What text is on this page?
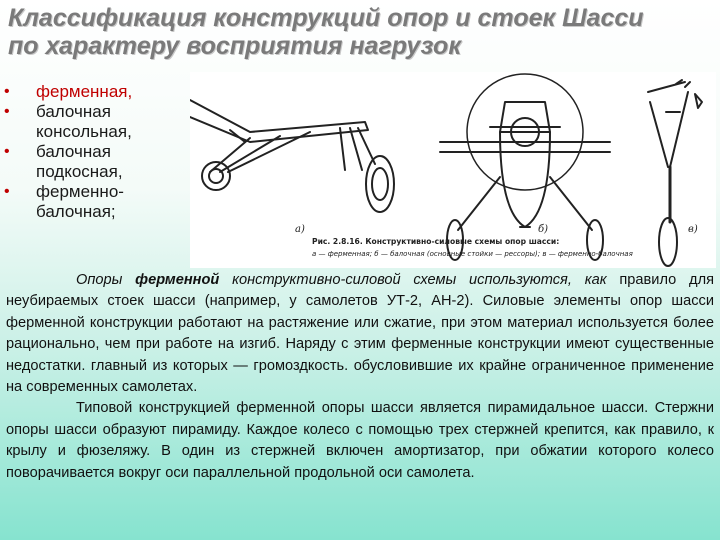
Классификация конструкций опор и стоек Шасси
по характеру восприятия нагрузок
• ферменная,
• балочная консольная,
• балочная подкосная,
• ферменно-балочная;
а)	б)	в)
Рис. 2.8.16. Конструктивно-силовые схемы опор шасси:
а — ферменная; б — балочная (основные стойки — рессоры); в — ферменно-балочная

Опоры ферменной конструктивно-силовой схемы используются, как правило для неубираемых стоек шасси (например, у самолетов УТ-2, АН-2). Силовые элементы опор шасси ферменной конструкции работают на растяжение или сжатие, при этом материал используется более рационально, чем при работе на изгиб. Наряду с этим ферменные конструкции имеют существенные недостатки. главный из которых — громоздкость. обусловившие их крайне ограниченное применение на современных самолетах.

Типовой конструкцией ферменной опоры шасси является пирамидальное шасси. Стержни опоры шасси образуют пирамиду. Каждое колесо с помощью трех стержней крепится, как правило, к крылу и фюзеляжу. В один из стержней включен амортизатор, при обжатии которого колесо поворачивается вокруг оси параллельной продольной оси самолета.
